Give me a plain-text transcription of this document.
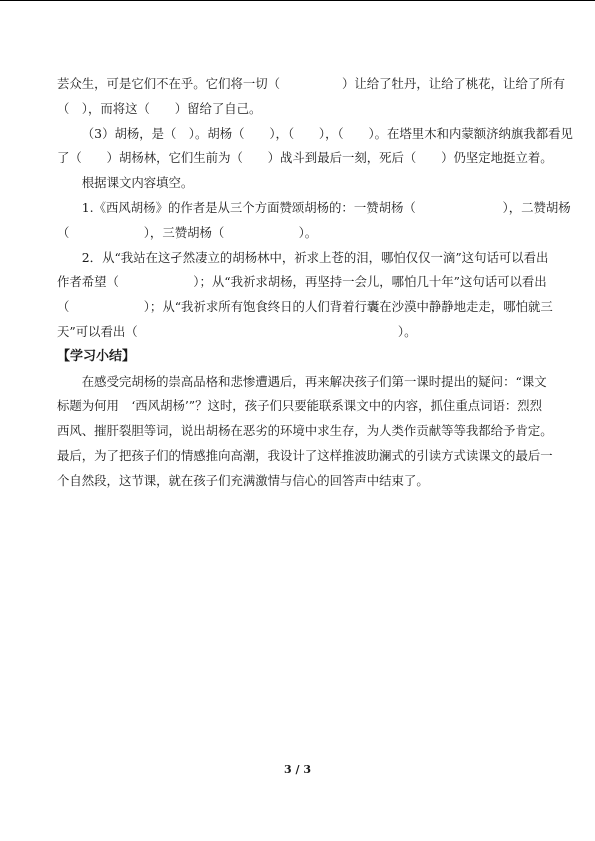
芸众生，可是它们不在乎。它们将一切（　　　　　）让给了牡丹，让给了桃花，让给了所有
（　），而将这（　　）留给了自己。
（3）胡杨，是（　）。胡杨（　　），（　　），（　　）。在塔里木和内蒙额济纳旗我都看见
了（　　）胡杨林，它们生前为（　　）战斗到最后一刻，死后（　　）仍坚定地挺立着。
根据课文内容填空。
1.《西风胡杨》的作者是从三个方面赞颂胡杨的：一赞胡杨（　　　　　　　），二赞胡杨
（　　　　　　），三赞胡杨（　　　　　　）。
2．从“我站在这孑然凄立的胡杨林中，祈求上苍的泪，哪怕仅仅一滴”这句话可以看出
作者希望（　　　　　　）；从“我祈求胡杨，再坚持一会儿，哪怕几十年”这句话可以看出
（　　　　　　）；从“我祈求所有饱食终日的人们背着行囊在沙漠中静静地走走，哪怕就三
天”可以看出（　　　　　　　　　　　　　　　　　　　　　）。
【学习小结】
在感受完胡杨的崇高品格和悲惨遭遇后，再来解决孩子们第一课时提出的疑问：“课文
标题为何用　‘西风胡杨’”？这时，孩子们只要能联系课文中的内容，抓住重点词语：烈烈
西风、摧肝裂胆等词，说出胡杨在恶劣的环境中求生存，为人类作贡献等等我都给予肯定。
最后，为了把孩子们的情感推向高潮，我设计了这样推波助澜式的引读方式读课文的最后一
个自然段，这节课，就在孩子们充满激情与信心的回答声中结束了。
3 / 3
